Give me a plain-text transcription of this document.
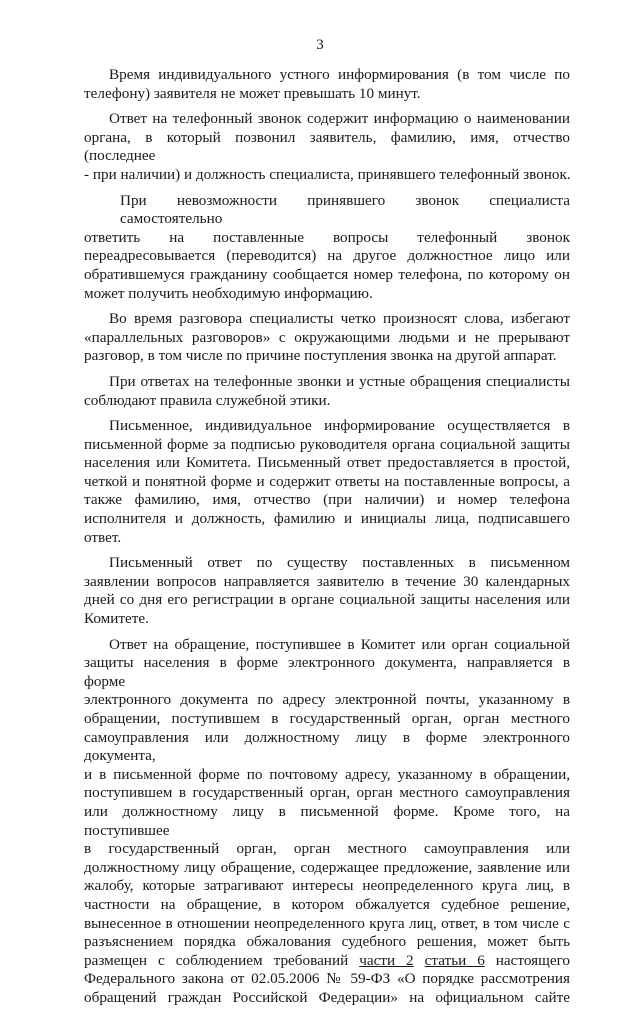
3

Время индивидуального устного информирования (в том числе по
телефону) заявителя не может превышать 10 минут.

Ответ на телефонный звонок содержит информацию о наименовании
органа, в который позвонил заявитель, фамилию, имя, отчество (последнее
- при наличии) и должность специалиста, принявшего телефонный звонок.

При невозможности принявшего звонок специалиста самостоятельно
ответить на поставленные вопросы телефонный звонок
переадресовывается (переводится) на другое должностное лицо или
обратившемуся гражданину сообщается номер телефона, по которому он
может получить необходимую информацию.

Во время разговора специалисты четко произносят слова, избегают
«параллельных разговоров» с окружающими людьми и не прерывают
разговор, в том числе по причине поступления звонка на другой аппарат.

При ответах на телефонные звонки и устные обращения специалисты
соблюдают правила служебной этики.

Письменное, индивидуальное информирование осуществляется в
письменной форме за подписью руководителя органа социальной защиты
населения или Комитета. Письменный ответ предоставляется в простой,
четкой и понятной форме и содержит ответы на поставленные вопросы, а
также фамилию, имя, отчество (при наличии) и номер телефона
исполнителя и должность, фамилию и инициалы лица, подписавшего
ответ.

Письменный ответ по существу поставленных в письменном
заявлении вопросов направляется заявителю в течение 30 календарных
дней со дня его регистрации в органе социальной защиты населения или
Комитете.

Ответ на обращение, поступившее в Комитет или орган социальной
защиты населения в форме электронного документа, направляется в форме
электронного документа по адресу электронной почты, указанному в
обращении, поступившем в государственный орган, орган местного
самоуправления или должностному лицу в форме электронного документа,
и в письменной форме по почтовому адресу, указанному в обращении,
поступившем в государственный орган, орган местного самоуправления
или должностному лицу в письменной форме. Кроме того, на поступившее
в государственный орган, орган местного самоуправления или
должностному лицу обращение, содержащее предложение, заявление или
жалобу, которые затрагивают интересы неопределенного круга лиц, в
частности на обращение, в котором обжалуется судебное решение,
вынесенное в отношении неопределенного круга лиц, ответ, в том числе с
разъяснением порядка обжалования судебного решения, может быть
размещен с соблюдением требований части 2 статьи 6 настоящего
Федерального закона от 02.05.2006 № 59-ФЗ «О порядке рассмотрения
обращений граждан Российской Федерации» на официальном сайте
